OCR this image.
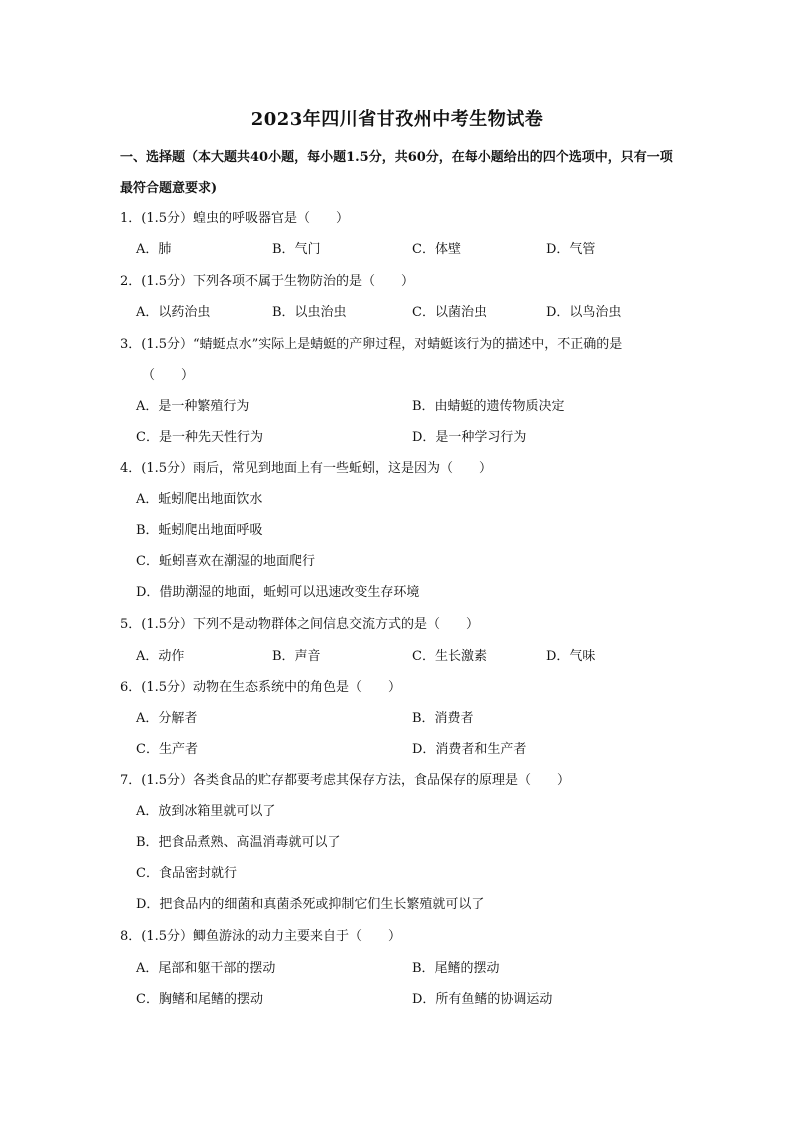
2023年四川省甘孜州中考生物试卷
一、选择题（本大题共40小题，每小题1.5分，共60分，在每小题给出的四个选项中，只有一项最符合题意要求)
1．(1.5分）蝗虫的呼吸器官是（　　）
A．肺	B．气门	C．体壁	D．气管
2．(1.5分）下列各项不属于生物防治的是（　　）
A．以药治虫	B．以虫治虫	C．以菌治虫	D．以鸟治虫
3．(1.5分）“蜻蜓点水”实际上是蜻蜓的产卵过程，对蜻蜓该行为的描述中，不正确的是
（　　）
A．是一种繁殖行为	B．由蜻蜓的遗传物质决定
C．是一种先天性行为	D．是一种学习行为
4．(1.5分）雨后，常见到地面上有一些蚯蚓，这是因为（　　）
A．蚯蚓爬出地面饮水
B．蚯蚓爬出地面呼吸
C．蚯蚓喜欢在潮湿的地面爬行
D．借助潮湿的地面，蚯蚓可以迅速改变生存环境
5．(1.5分）下列不是动物群体之间信息交流方式的是（　　）
A．动作	B．声音	C．生长激素	D．气味
6．(1.5分）动物在生态系统中的角色是（　　）
A．分解者	B．消费者
C．生产者	D．消费者和生产者
7．(1.5分）各类食品的贮存都要考虑其保存方法，食品保存的原理是（　　）
A．放到冰箱里就可以了
B．把食品煮熟、高温消毒就可以了
C．食品密封就行
D．把食品内的细菌和真菌杀死或抑制它们生长繁殖就可以了
8．(1.5分）鲫鱼游泳的动力主要来自于（　　）
A．尾部和躯干部的摆动	B．尾鳍的摆动
C．胸鳍和尾鳍的摆动	D．所有鱼鳍的协调运动
